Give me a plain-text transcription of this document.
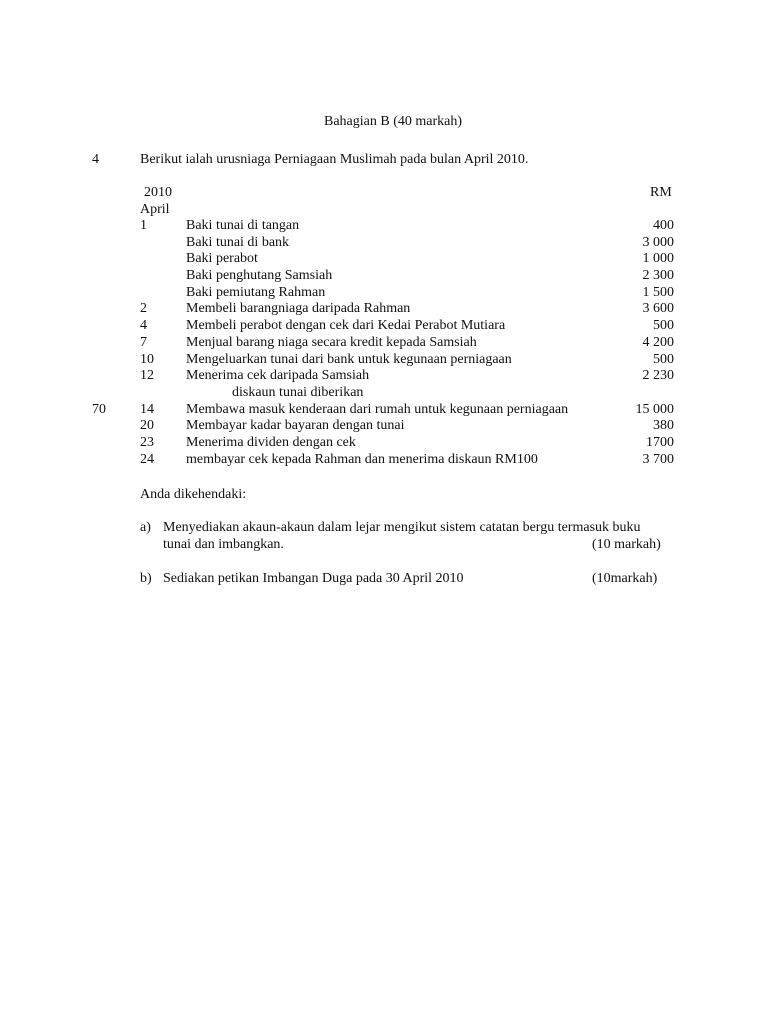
Bahagian B (40 markah)
4	Berikut ialah urusniaga Perniagaan Muslimah pada bulan April 2010.
2010	RM
April
1	Baki tunai di tangan	400
Baki tunai di bank	3 000
Baki perabot	1 000
Baki penghutang Samsiah	2 300
Baki pemiutang Rahman	1 500
2	Membeli barangniaga daripada Rahman	3 600
4	Membeli perabot dengan cek dari Kedai Perabot Mutiara	500
7	Menjual barang niaga secara kredit kepada Samsiah	4 200
10 Mengeluarkan tunai dari bank untuk kegunaan perniagaan	500
12 Menerima cek daripada Samsiah	2 230
diskaun tunai diberikan
70 14 Membawa masuk kenderaan dari rumah untuk kegunaan perniagaan	15 000
20 Membayar kadar bayaran dengan tunai	380
23 Menerima dividen dengan cek	1700
24 membayar cek kepada Rahman dan menerima diskaun RM100	3 700
Anda dikehendaki:
a) Menyediakan akaun-akaun dalam lejar mengikut sistem catatan bergu termasuk buku
tunai dan imbangkan.	(10 markah)
b) Sediakan petikan Imbangan Duga pada 30 April 2010	(10markah)
